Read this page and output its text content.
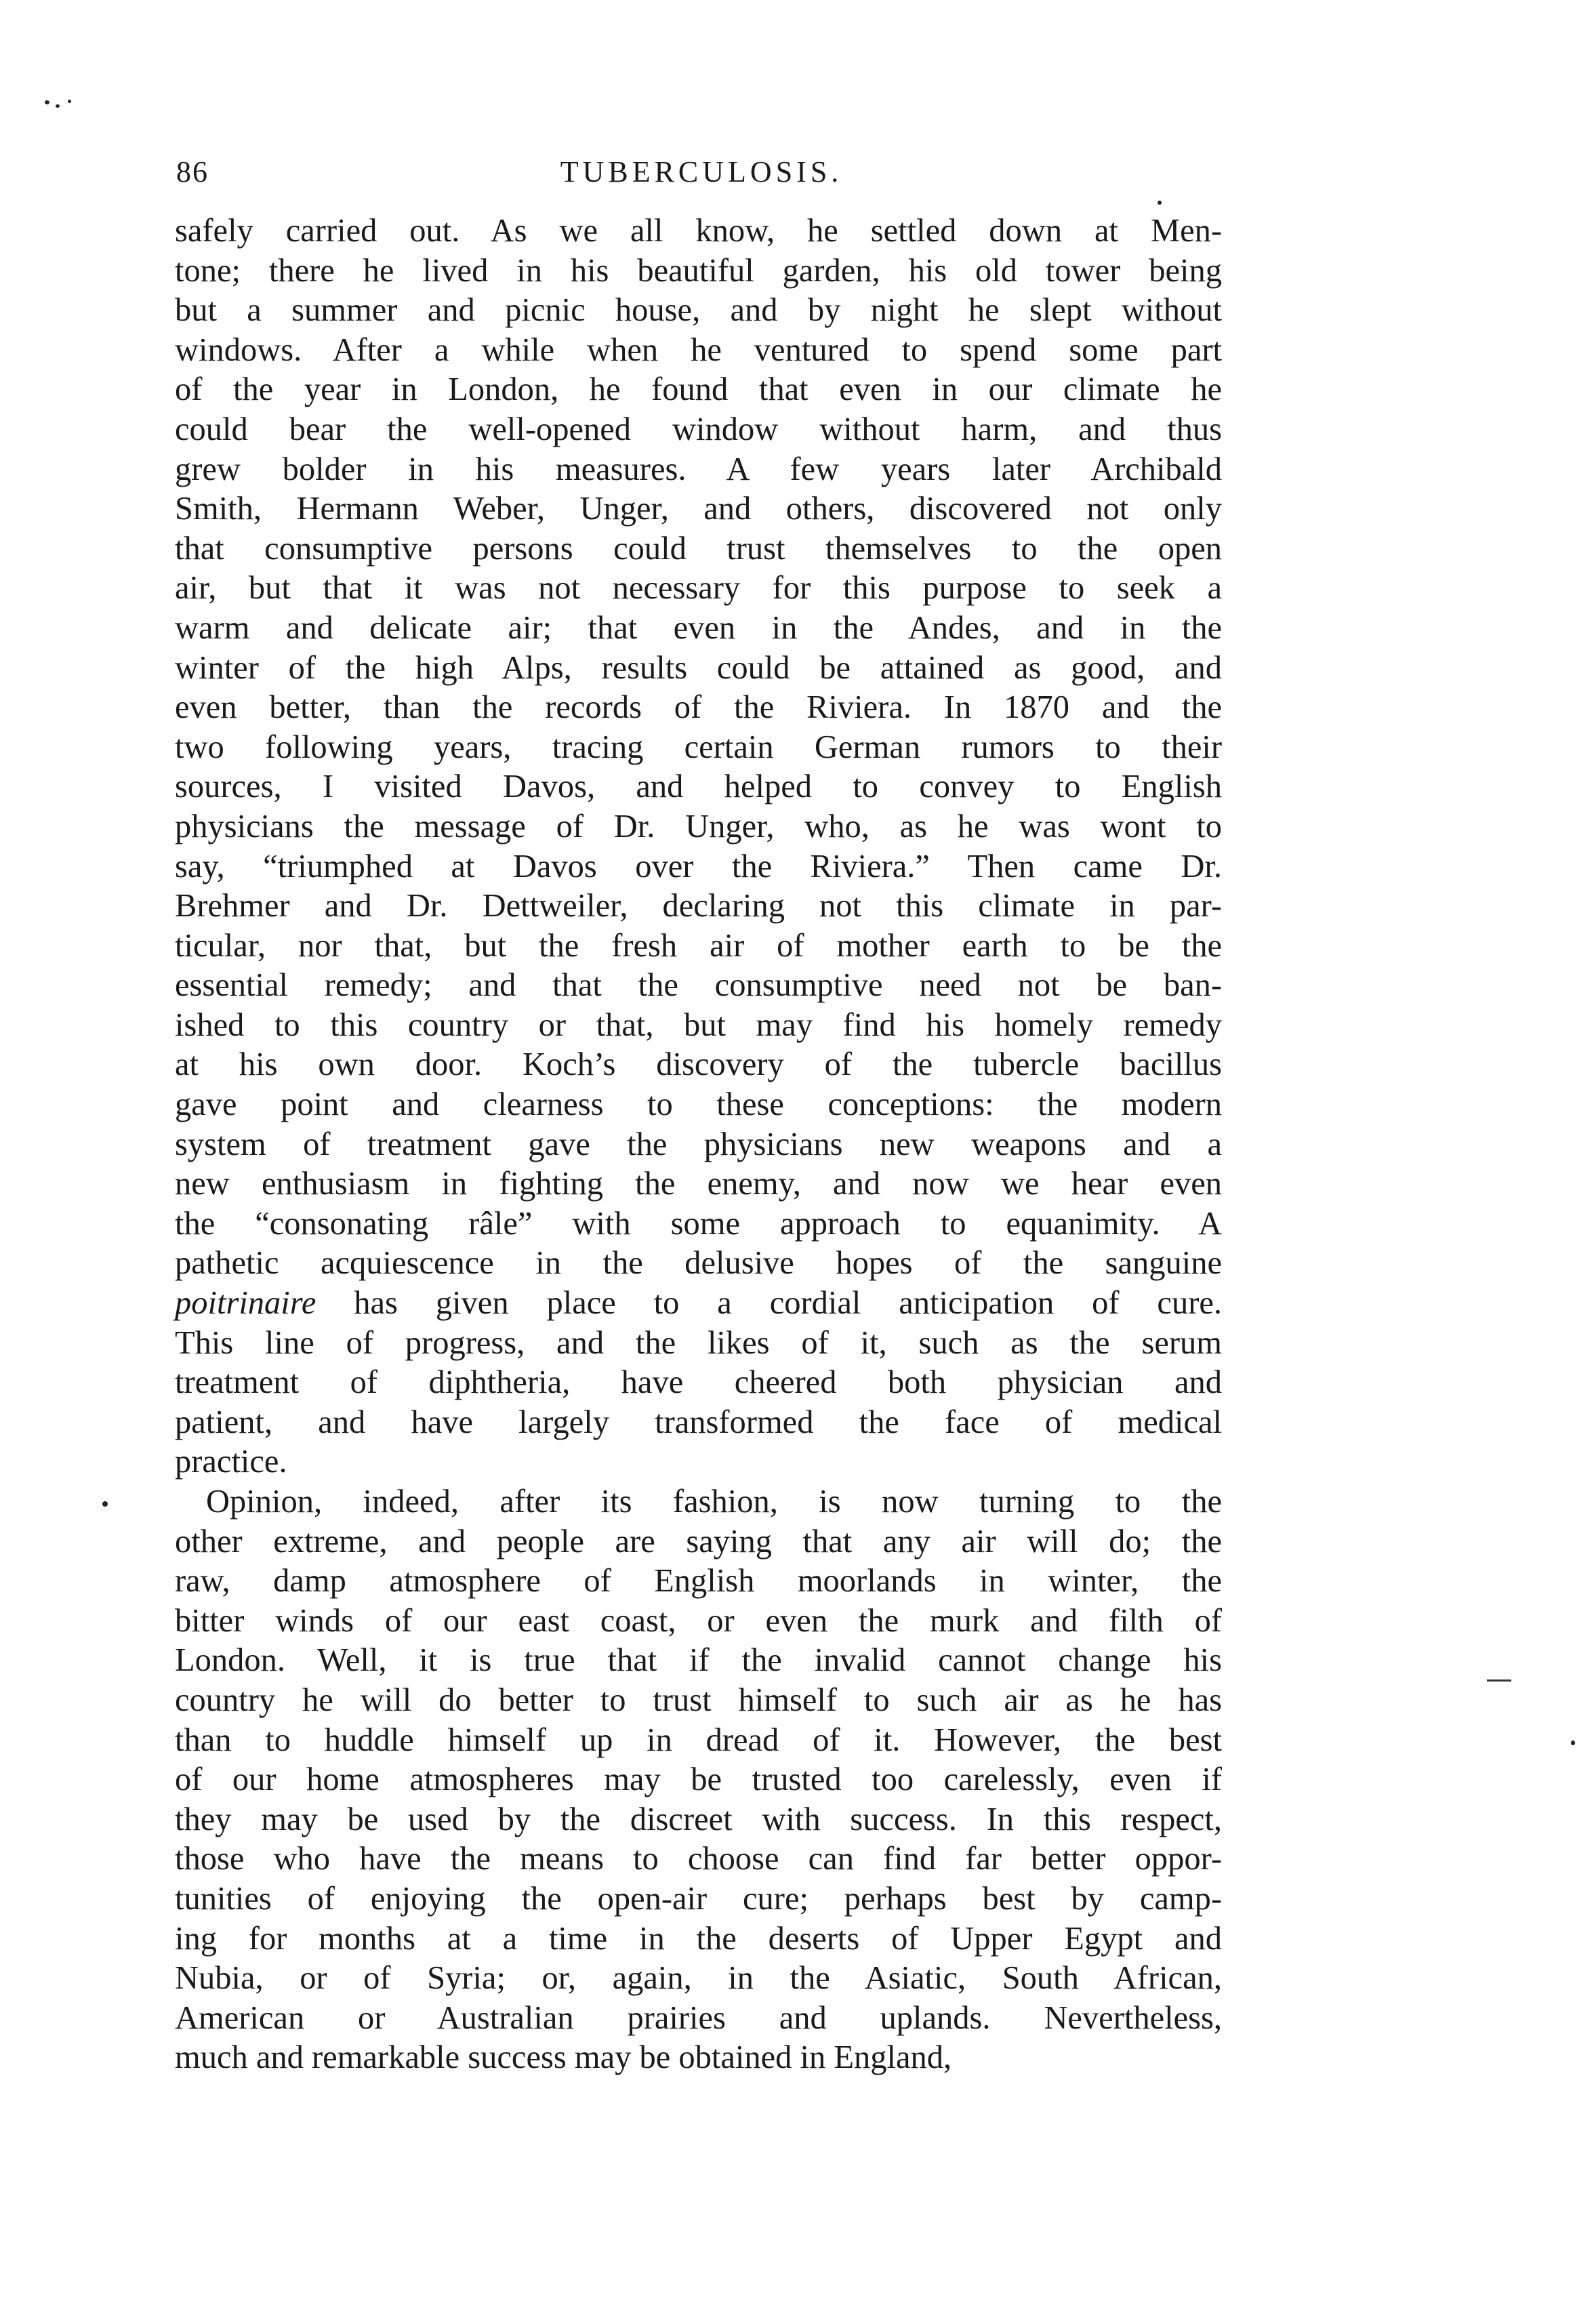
86	TUBERCULOSIS.
safely carried out. As we all know, he settled down at Men-
tone; there he lived in his beautiful garden, his old tower being
but a summer and picnic house, and by night he slept without
windows. After a while when he ventured to spend some part
of the year in London, he found that even in our climate he
could bear the well-opened window without harm, and thus
grew bolder in his measures. A few years later Archibald
Smith, Hermann Weber, Unger, and others, discovered not only
that consumptive persons could trust themselves to the open
air, but that it was not necessary for this purpose to seek a
warm and delicate air; that even in the Andes, and in the
winter of the high Alps, results could be attained as good, and
even better, than the records of the Riviera. In 1870 and the
two following years, tracing certain German rumors to their
sources, I visited Davos, and helped to convey to English
physicians the message of Dr. Unger, who, as he was wont to
say, “triumphed at Davos over the Riviera.” Then came Dr.
Brehmer and Dr. Dettweiler, declaring not this climate in par-
ticular, nor that, but the fresh air of mother earth to be the
essential remedy; and that the consumptive need not be ban-
ished to this country or that, but may find his homely remedy
at his own door. Koch’s discovery of the tubercle bacillus
gave point and clearness to these conceptions: the modern
system of treatment gave the physicians new weapons and a
new enthusiasm in fighting the enemy, and now we hear even
the “consonating râle” with some approach to equanimity. A
pathetic acquiescence in the delusive hopes of the sanguine
poitrinaire has given place to a cordial anticipation of cure.
This line of progress, and the likes of it, such as the serum
treatment of diphtheria, have cheered both physician and
patient, and have largely transformed the face of medical
practice.
Opinion, indeed, after its fashion, is now turning to the
other extreme, and people are saying that any air will do; the
raw, damp atmosphere of English moorlands in winter, the
bitter winds of our east coast, or even the murk and filth of
London. Well, it is true that if the invalid cannot change his
country he will do better to trust himself to such air as he has
than to huddle himself up in dread of it. However, the best
of our home atmospheres may be trusted too carelessly, even if
they may be used by the discreet with success. In this respect,
those who have the means to choose can find far better oppor-
tunities of enjoying the open-air cure; perhaps best by camp-
ing for months at a time in the deserts of Upper Egypt and
Nubia, or of Syria; or, again, in the Asiatic, South African,
American or Australian prairies and uplands. Nevertheless,
much and remarkable success may be obtained in England,
